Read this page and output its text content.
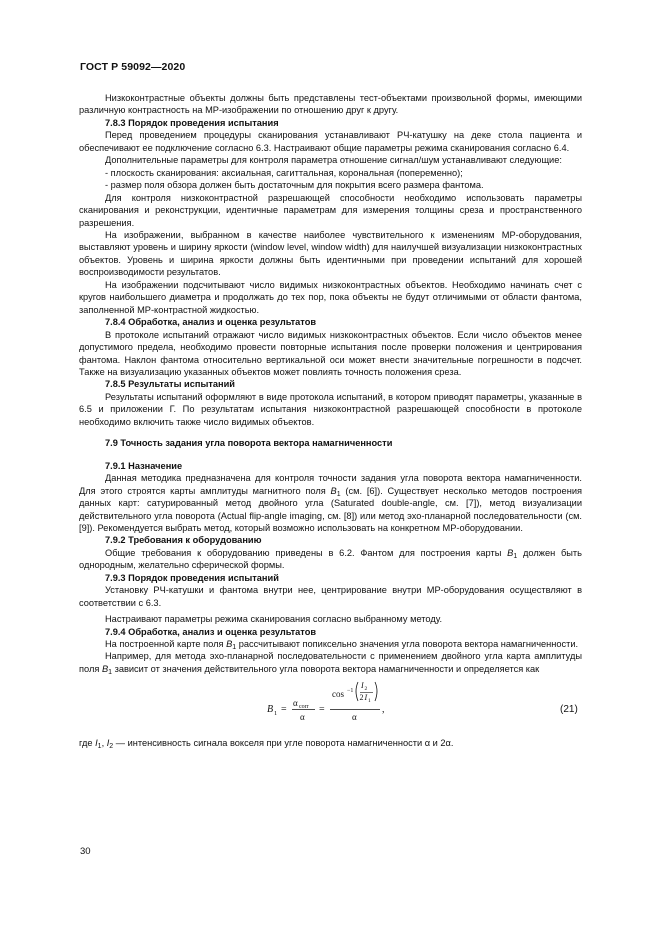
ГОСТ Р 59092—2020

Низкоконтрастные объекты должны быть представлены тест-объектами произвольной формы, имеющими различную контрастность на МР-изображении по отношению друг к другу.

7.8.3 Порядок проведения испытания

Перед проведением процедуры сканирования устанавливают РЧ-катушку на деке стола пациента и обеспечивают ее подключение согласно 6.3. Настраивают общие параметры режима сканирования согласно 6.4.

Дополнительные параметры для контроля параметра отношение сигнал/шум устанавливают следующие:

- плоскость сканирования: аксиальная, сагиттальная, корональная (попеременно);
- размер поля обзора должен быть достаточным для покрытия всего размера фантома.

Для контроля низкоконтрастной разрешающей способности необходимо использовать параметры сканирования и реконструкции, идентичные параметрам для измерения толщины среза и пространственного разрешения.

На изображении, выбранном в качестве наиболее чувствительного к изменениям МР-оборудования, выставляют уровень и ширину яркости (window level, window width) для наилучшей визуализации низкоконтрастных объектов. Уровень и ширина яркости должны быть идентичными при проведении испытаний для хорошей воспроизводимости результатов.

На изображении подсчитывают число видимых низкоконтрастных объектов. Необходимо начинать счет с кругов наибольшего диаметра и продолжать до тех пор, пока объекты не будут отличимыми от области фантома, заполненной МР-контрастной жидкостью.

7.8.4 Обработка, анализ и оценка результатов

В протоколе испытаний отражают число видимых низкоконтрастных объектов. Если число объектов менее допустимого предела, необходимо провести повторные испытания после проверки положения и центрирования фантома. Наклон фантома относительно вертикальной оси может внести значительные погрешности в подсчет. Также на визуализацию указанных объектов может повлиять точность положения среза.

7.8.5 Результаты испытаний

Результаты испытаний оформляют в виде протокола испытаний, в котором приводят параметры, указанные в 6.5 и приложении Г. По результатам испытания низкоконтрастной разрешающей способности в протоколе необходимо включить также число видимых объектов.

7.9 Точность задания угла поворота вектора намагниченности
7.9.1 Назначение

Данная методика предназначена для контроля точности задания угла поворота вектора намагниченности. Для этого строятся карты амплитуды магнитного поля $B_1$ (см. [6]). Существует несколько методов построения данных карт: сатурированный метод двойного угла (Saturated double-angle, см. [7]), метод визуализации действительного угла поворота (Actual flip-angle imaging, см. [8]) или метод эхо-планарной последовательности (см. [9]). Рекомендуется выбрать метод, который возможно использовать на конкретном МР-оборудовании.

7.9.2 Требования к оборудованию

Общие требования к оборудованию приведены в 6.2. Фантом для построения карты $B_1$ должен быть однородным, желательно сферической формы.

7.9.3 Порядок проведения испытаний

Установку РЧ-катушки и фантома внутри нее, центрирование внутри МР-оборудования осуществляют в соответствии с 6.3.

Настраивают параметры режима сканирования согласно выбранному методу.

7.9.4 Обработка, анализ и оценка результатов

На построенной карте поля $B_1$ рассчитывают попиксельно значения угла поворота вектора намагниченности.

Например, для метода эхо-планарной последовательности с применением двойного угла карта амплитуды поля $B_1$ зависит от значения действительного угла поворота вектора намагниченности и определяется как

B 1 =
α corr
α
=
cos −1
I 2
2 I 1
α
,	(21)

где $I_1$, $I_2$ — интенсивность сигнала вокселя при угле поворота намагниченности α и 2α.

30
